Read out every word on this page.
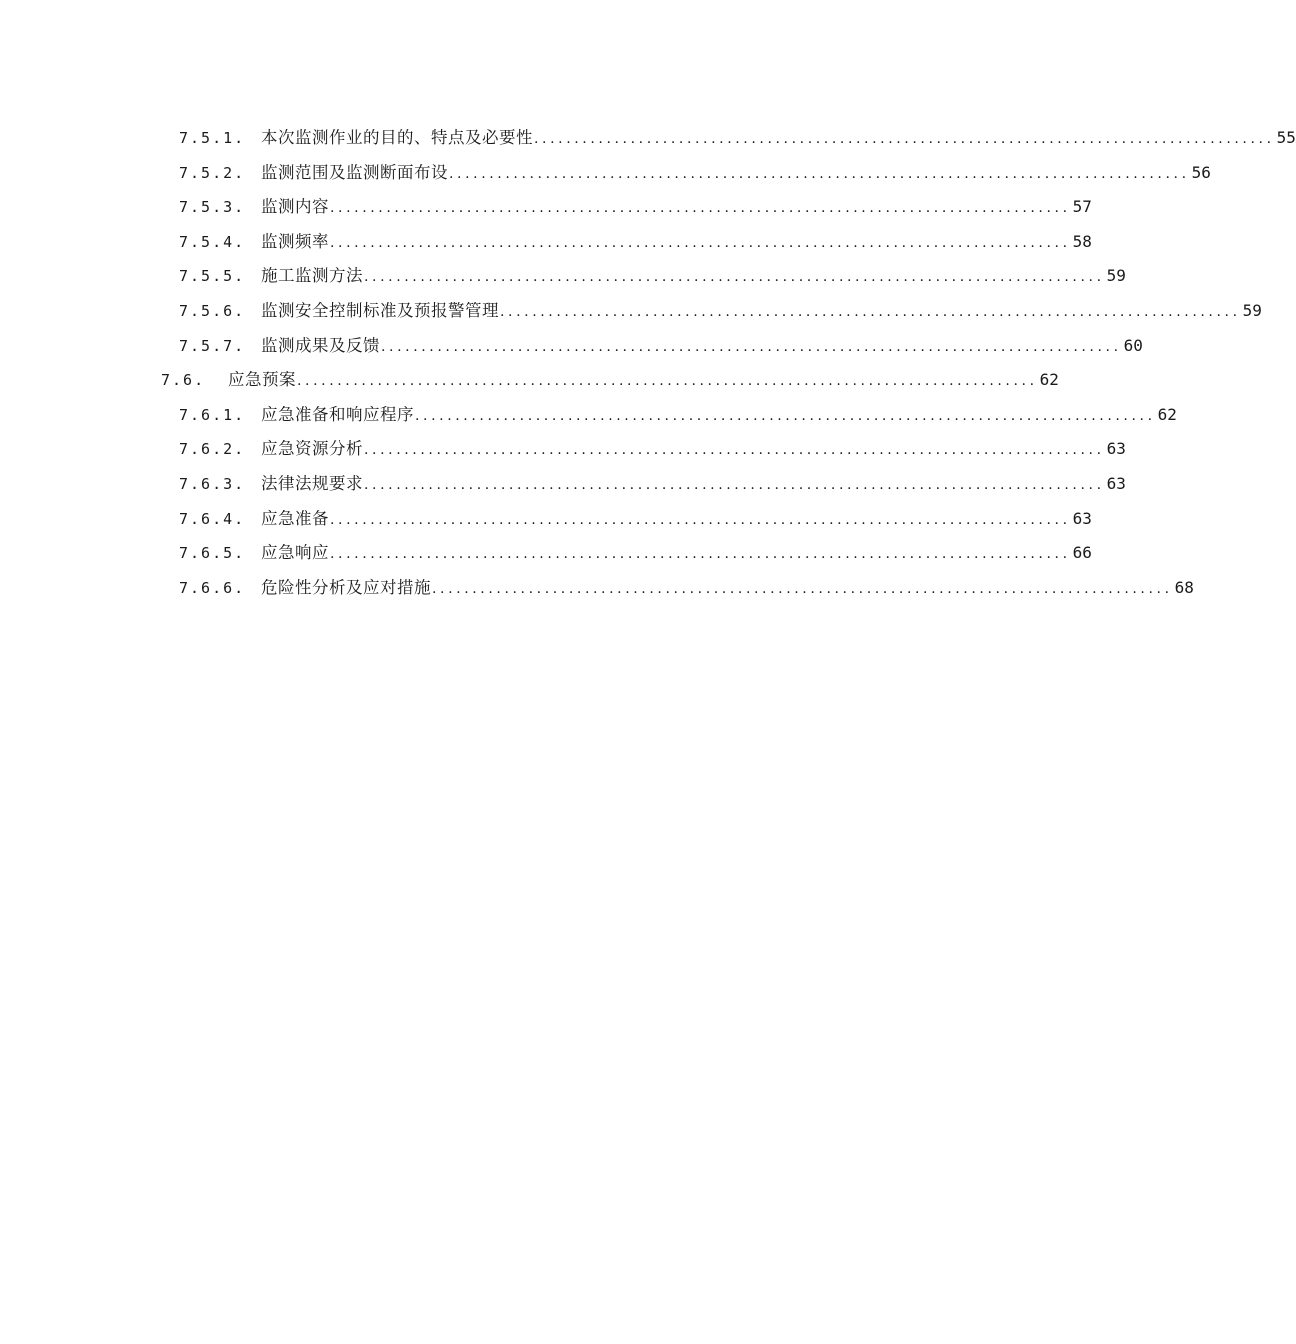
7.5.1. 本次监测作业的目的、特点及必要性 ............................................................................................ 55
7.5.2. 监测范围及监测断面布设 ............................................................................................ 56
7.5.3. 监测内容 ............................................................................................ 57
7.5.4. 监测频率 ............................................................................................ 58
7.5.5. 施工监测方法 ............................................................................................ 59
7.5.6. 监测安全控制标准及预报警管理 ............................................................................................ 59
7.5.7. 监测成果及反馈 ............................................................................................ 60
7.6. 应急预案 ............................................................................................ 62
7.6.1. 应急准备和响应程序 ............................................................................................ 62
7.6.2. 应急资源分析 ............................................................................................ 63
7.6.3. 法律法规要求 ............................................................................................ 63
7.6.4. 应急准备 ............................................................................................ 63
7.6.5. 应急响应 ............................................................................................ 66
7.6.6. 危险性分析及应对措施 ............................................................................................ 68
